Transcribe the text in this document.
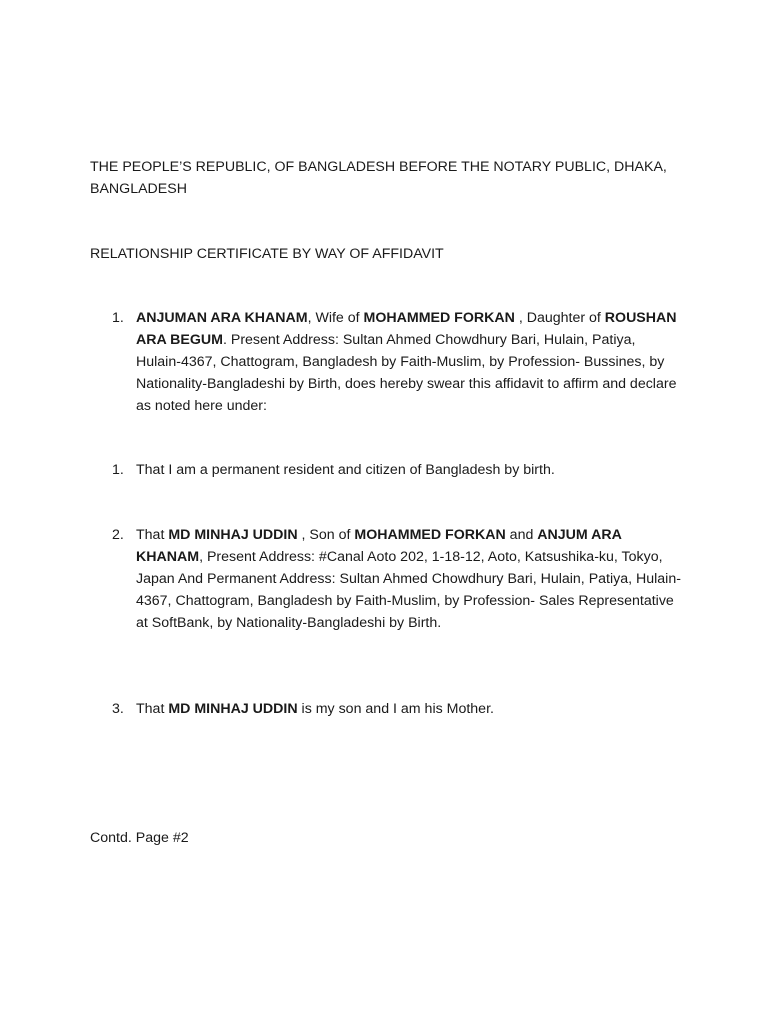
THE PEOPLE’S REPUBLIC, OF BANGLADESH BEFORE THE NOTARY PUBLIC, DHAKA, BANGLADESH

RELATIONSHIP CERTIFICATE BY WAY OF AFFIDAVIT

1. ANJUMAN ARA KHANAM, Wife of MOHAMMED FORKAN , Daughter of ROUSHAN ARA BEGUM. Present Address: Sultan Ahmed Chowdhury Bari, Hulain, Patiya, Hulain-4367, Chattogram, Bangladesh by Faith-Muslim, by Profession- Bussines, by Nationality-Bangladeshi by Birth, does hereby swear this affidavit to affirm and declare as noted here under:
1. That I am a permanent resident and citizen of Bangladesh by birth.
2. That MD MINHAJ UDDIN , Son of MOHAMMED FORKAN and ANJUM ARA KHANAM, Present Address: #Canal Aoto 202, 1-18-12, Aoto, Katsushika-ku, Tokyo, Japan And Permanent Address: Sultan Ahmed Chowdhury Bari, Hulain, Patiya, Hulain-4367, Chattogram, Bangladesh by Faith-Muslim, by Profession- Sales Representative at SoftBank, by Nationality-Bangladeshi by Birth.
3. That MD MINHAJ UDDIN is my son and I am his Mother.

Contd. Page #2
